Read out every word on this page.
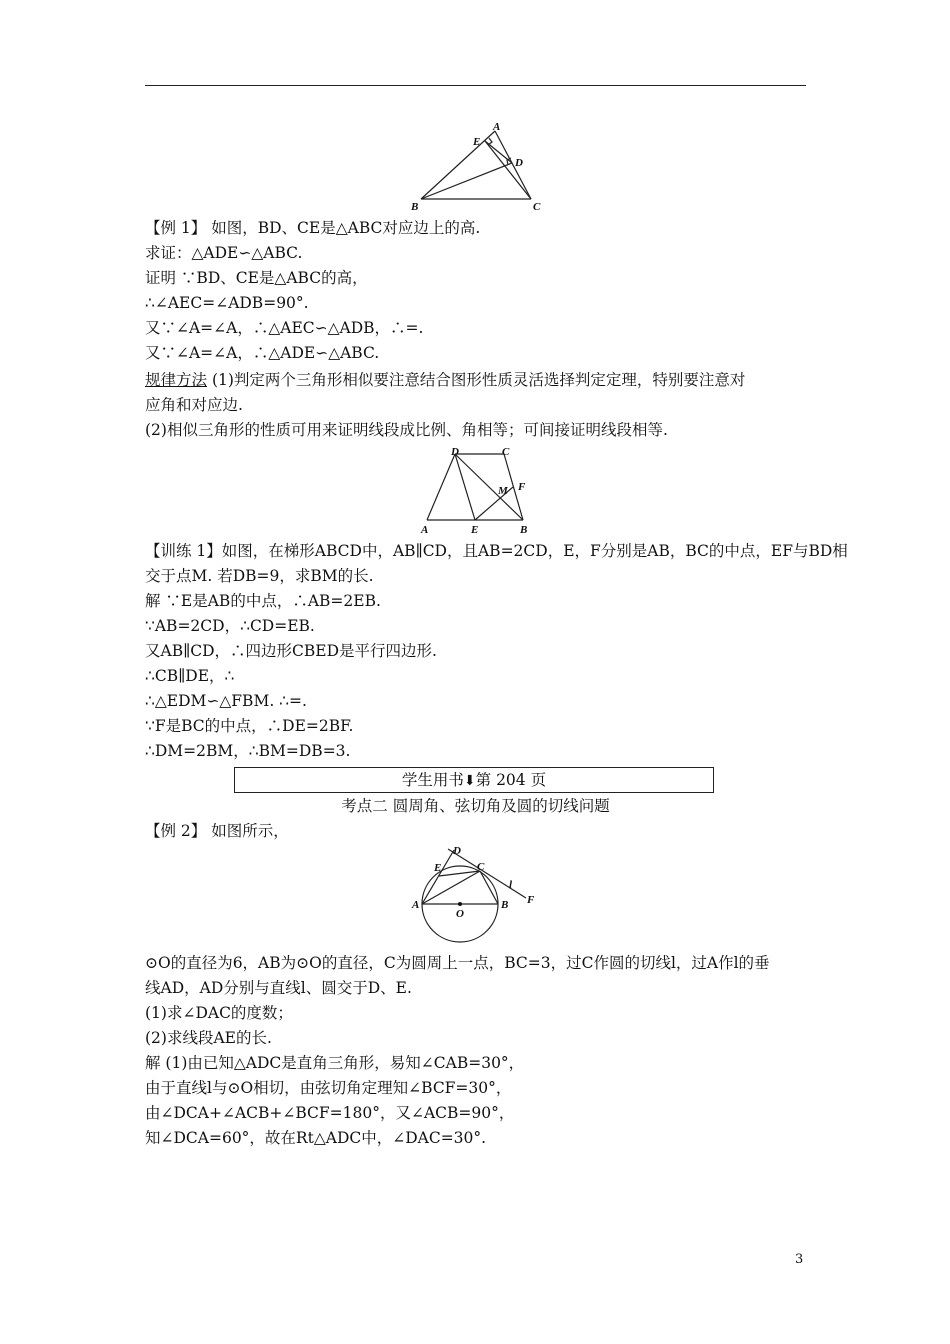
A
E
D
B	C
【例 1】 如图，BD、CE是△ABC对应边上的高.
求证：△ADE∽△ABC.
证明 ∵BD、CE是△ABC的高，
∴∠AEC=∠ADB=90°.
又∵∠A=∠A，∴△AEC∽△ADB，∴=.
又∵∠A=∠A，∴△ADE∽△ABC.
规律方法 (1)判定两个三角形相似要注意结合图形性质灵活选择判定定理，特别要注意对
应角和对应边.
(2)相似三角形的性质可用来证明线段成比例、角相等；可间接证明线段相等.
D	C
M F
A	E	B
【训练 1】如图，在梯形ABCD中，AB∥CD，且AB=2CD，E，F分别是AB，BC的中点，EF与BD相
交于点M. 若DB=9，求BM的长.
解 ∵E是AB的中点，∴AB=2EB.
∵AB=2CD，∴CD=EB.
又AB∥CD，∴四边形CBED是平行四边形.
∴CB∥DE，∴
∴△EDM∽△FBM. ∴=.
∵F是BC的中点，∴DE=2BF.
∴DM=2BM，∴BM=DB=3.
学生用书⬇第 204 页
考点二 圆周角、弦切角及圆的切线问题
【例 2】 如图所示，
D
E	C
l
F
A
O
B
⊙O的直径为6，AB为⊙O的直径，C为圆周上一点，BC=3，过C作圆的切线l，过A作l的垂
线AD，AD分别与直线l、圆交于D、E.
(1)求∠DAC的度数；
(2)求线段AE的长.
解 (1)由已知△ADC是直角三角形，易知∠CAB=30°，
由于直线l与⊙O相切，由弦切角定理知∠BCF=30°，
由∠DCA+∠ACB+∠BCF=180°，又∠ACB=90°，
知∠DCA=60°，故在Rt△ADC中，∠DAC=30°.
3
